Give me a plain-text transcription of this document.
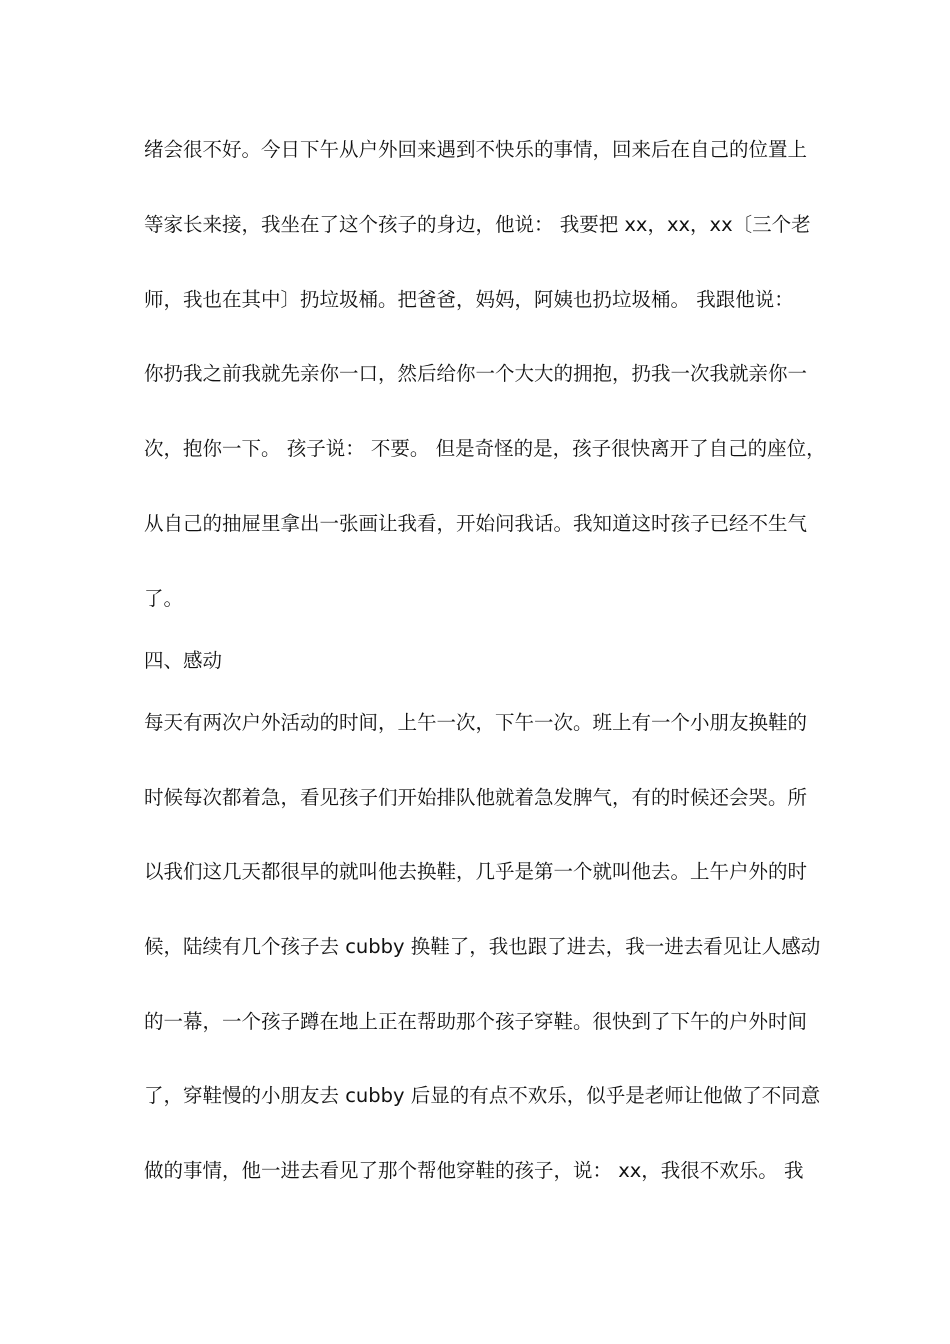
绪会很不好。今日下午从户外回来遇到不快乐的事情，回来后在自己的位置上
等家长来接，我坐在了这个孩子的身边，他说： 我要把 xx，xx，xx〔三个老
师，我也在其中〕扔垃圾桶。把爸爸，妈妈，阿姨也扔垃圾桶。 我跟他说：
你扔我之前我就先亲你一口，然后给你一个大大的拥抱，扔我一次我就亲你一
次，抱你一下。 孩子说： 不要。 但是奇怪的是，孩子很快离开了自己的座位，
从自己的抽屉里拿出一张画让我看，开始问我话。我知道这时孩子已经不生气
了。
四、感动
每天有两次户外活动的时间，上午一次，下午一次。班上有一个小朋友换鞋的
时候每次都着急，看见孩子们开始排队他就着急发脾气，有的时候还会哭。所
以我们这几天都很早的就叫他去换鞋，几乎是第一个就叫他去。上午户外的时
候，陆续有几个孩子去 cubby 换鞋了，我也跟了进去，我一进去看见让人感动
的一幕，一个孩子蹲在地上正在帮助那个孩子穿鞋。很快到了下午的户外时间
了，穿鞋慢的小朋友去 cubby 后显的有点不欢乐，似乎是老师让他做了不同意
做的事情，他一进去看见了那个帮他穿鞋的孩子，说： xx，我很不欢乐。 我
